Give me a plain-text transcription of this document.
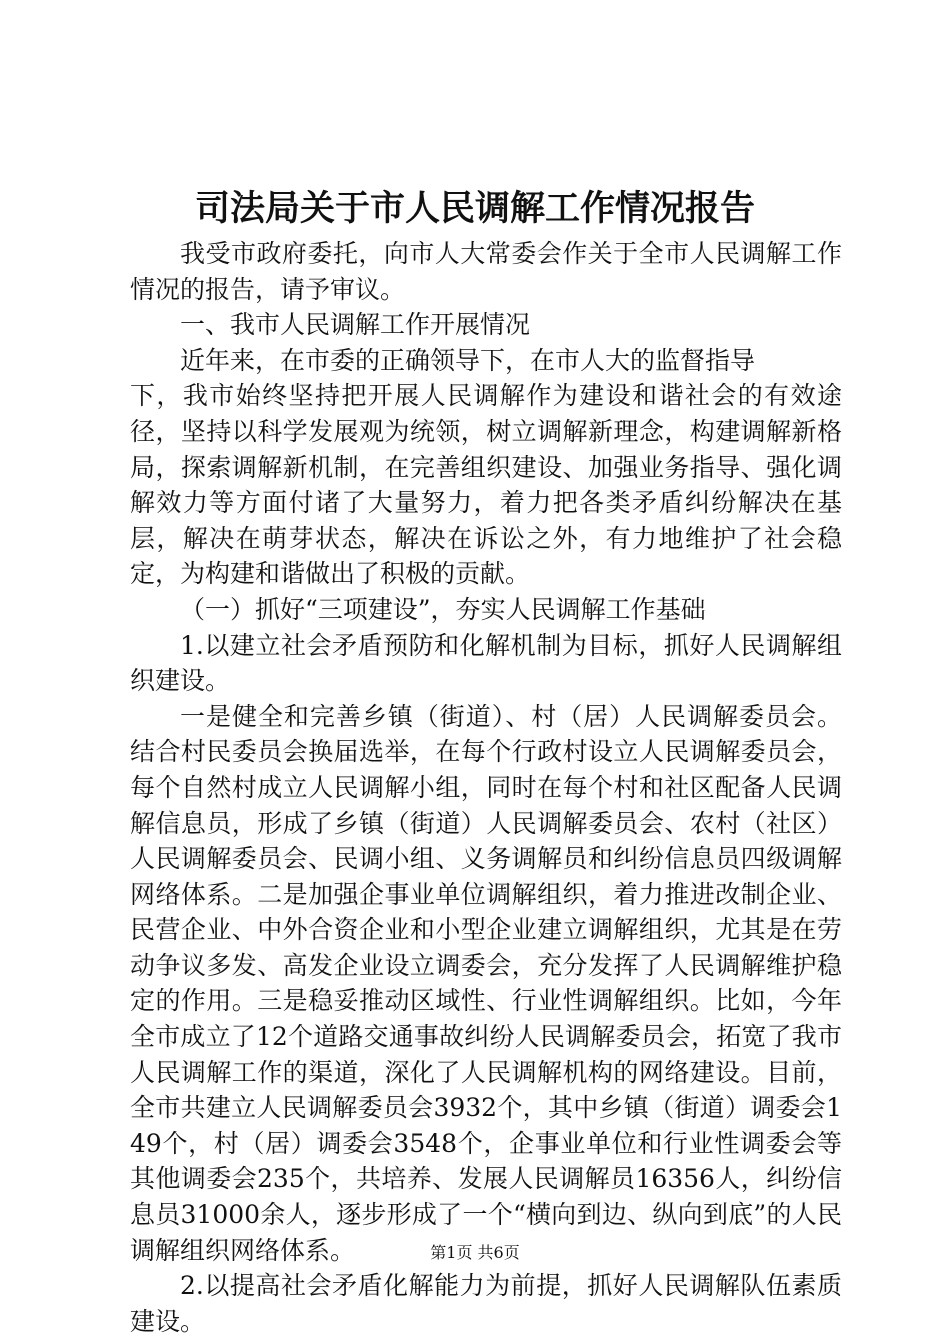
司法局关于市人民调解工作情况报告

我受市政府委托，向市人大常委会作关于全市人民调解工作情况的报告，请予审议。

一、我市人民调解工作开展情况

近年来，在市委的正确领导下，在市人大的监督指导

下，我市始终坚持把开展人民调解作为建设和谐社会的有效途径，坚持以科学发展观为统领，树立调解新理念，构建调解新格局，探索调解新机制，在完善组织建设、加强业务指导、强化调解效力等方面付诸了大量努力，着力把各类矛盾纠纷解决在基层，解决在萌芽状态，解决在诉讼之外，有力地维护了社会稳定，为构建和谐做出了积极的贡献。

（一）抓好“三项建设”，夯实人民调解工作基础

1.以建立社会矛盾预防和化解机制为目标，抓好人民调解组织建设。

一是健全和完善乡镇（街道）、村（居）人民调解委员会。结合村民委员会换届选举，在每个行政村设立人民调解委员会，每个自然村成立人民调解小组，同时在每个村和社区配备人民调解信息员，形成了乡镇（街道）人民调解委员会、农村（社区）人民调解委员会、民调小组、义务调解员和纠纷信息员四级调解网络体系。二是加强企事业单位调解组织，着力推进改制企业、民营企业、中外合资企业和小型企业建立调解组织，尤其是在劳动争议多发、高发企业设立调委会，充分发挥了人民调解维护稳定的作用。三是稳妥推动区域性、行业性调解组织。比如，今年全市成立了12个道路交通事故纠纷人民调解委员会，拓宽了我市人民调解工作的渠道，深化了人民调解机构的网络建设。目前，全市共建立人民调解委员会3932个，其中乡镇（街道）调委会149个，村（居）调委会3548个，企事业单位和行业性调委会等其他调委会235个，共培养、发展人民调解员16356人，纠纷信息员31000余人，逐步形成了一个“横向到边、纵向到底”的人民调解组织网络体系。

2.以提高社会矛盾化解能力为前提，抓好人民调解队伍素质建设。

第1页 共6页
